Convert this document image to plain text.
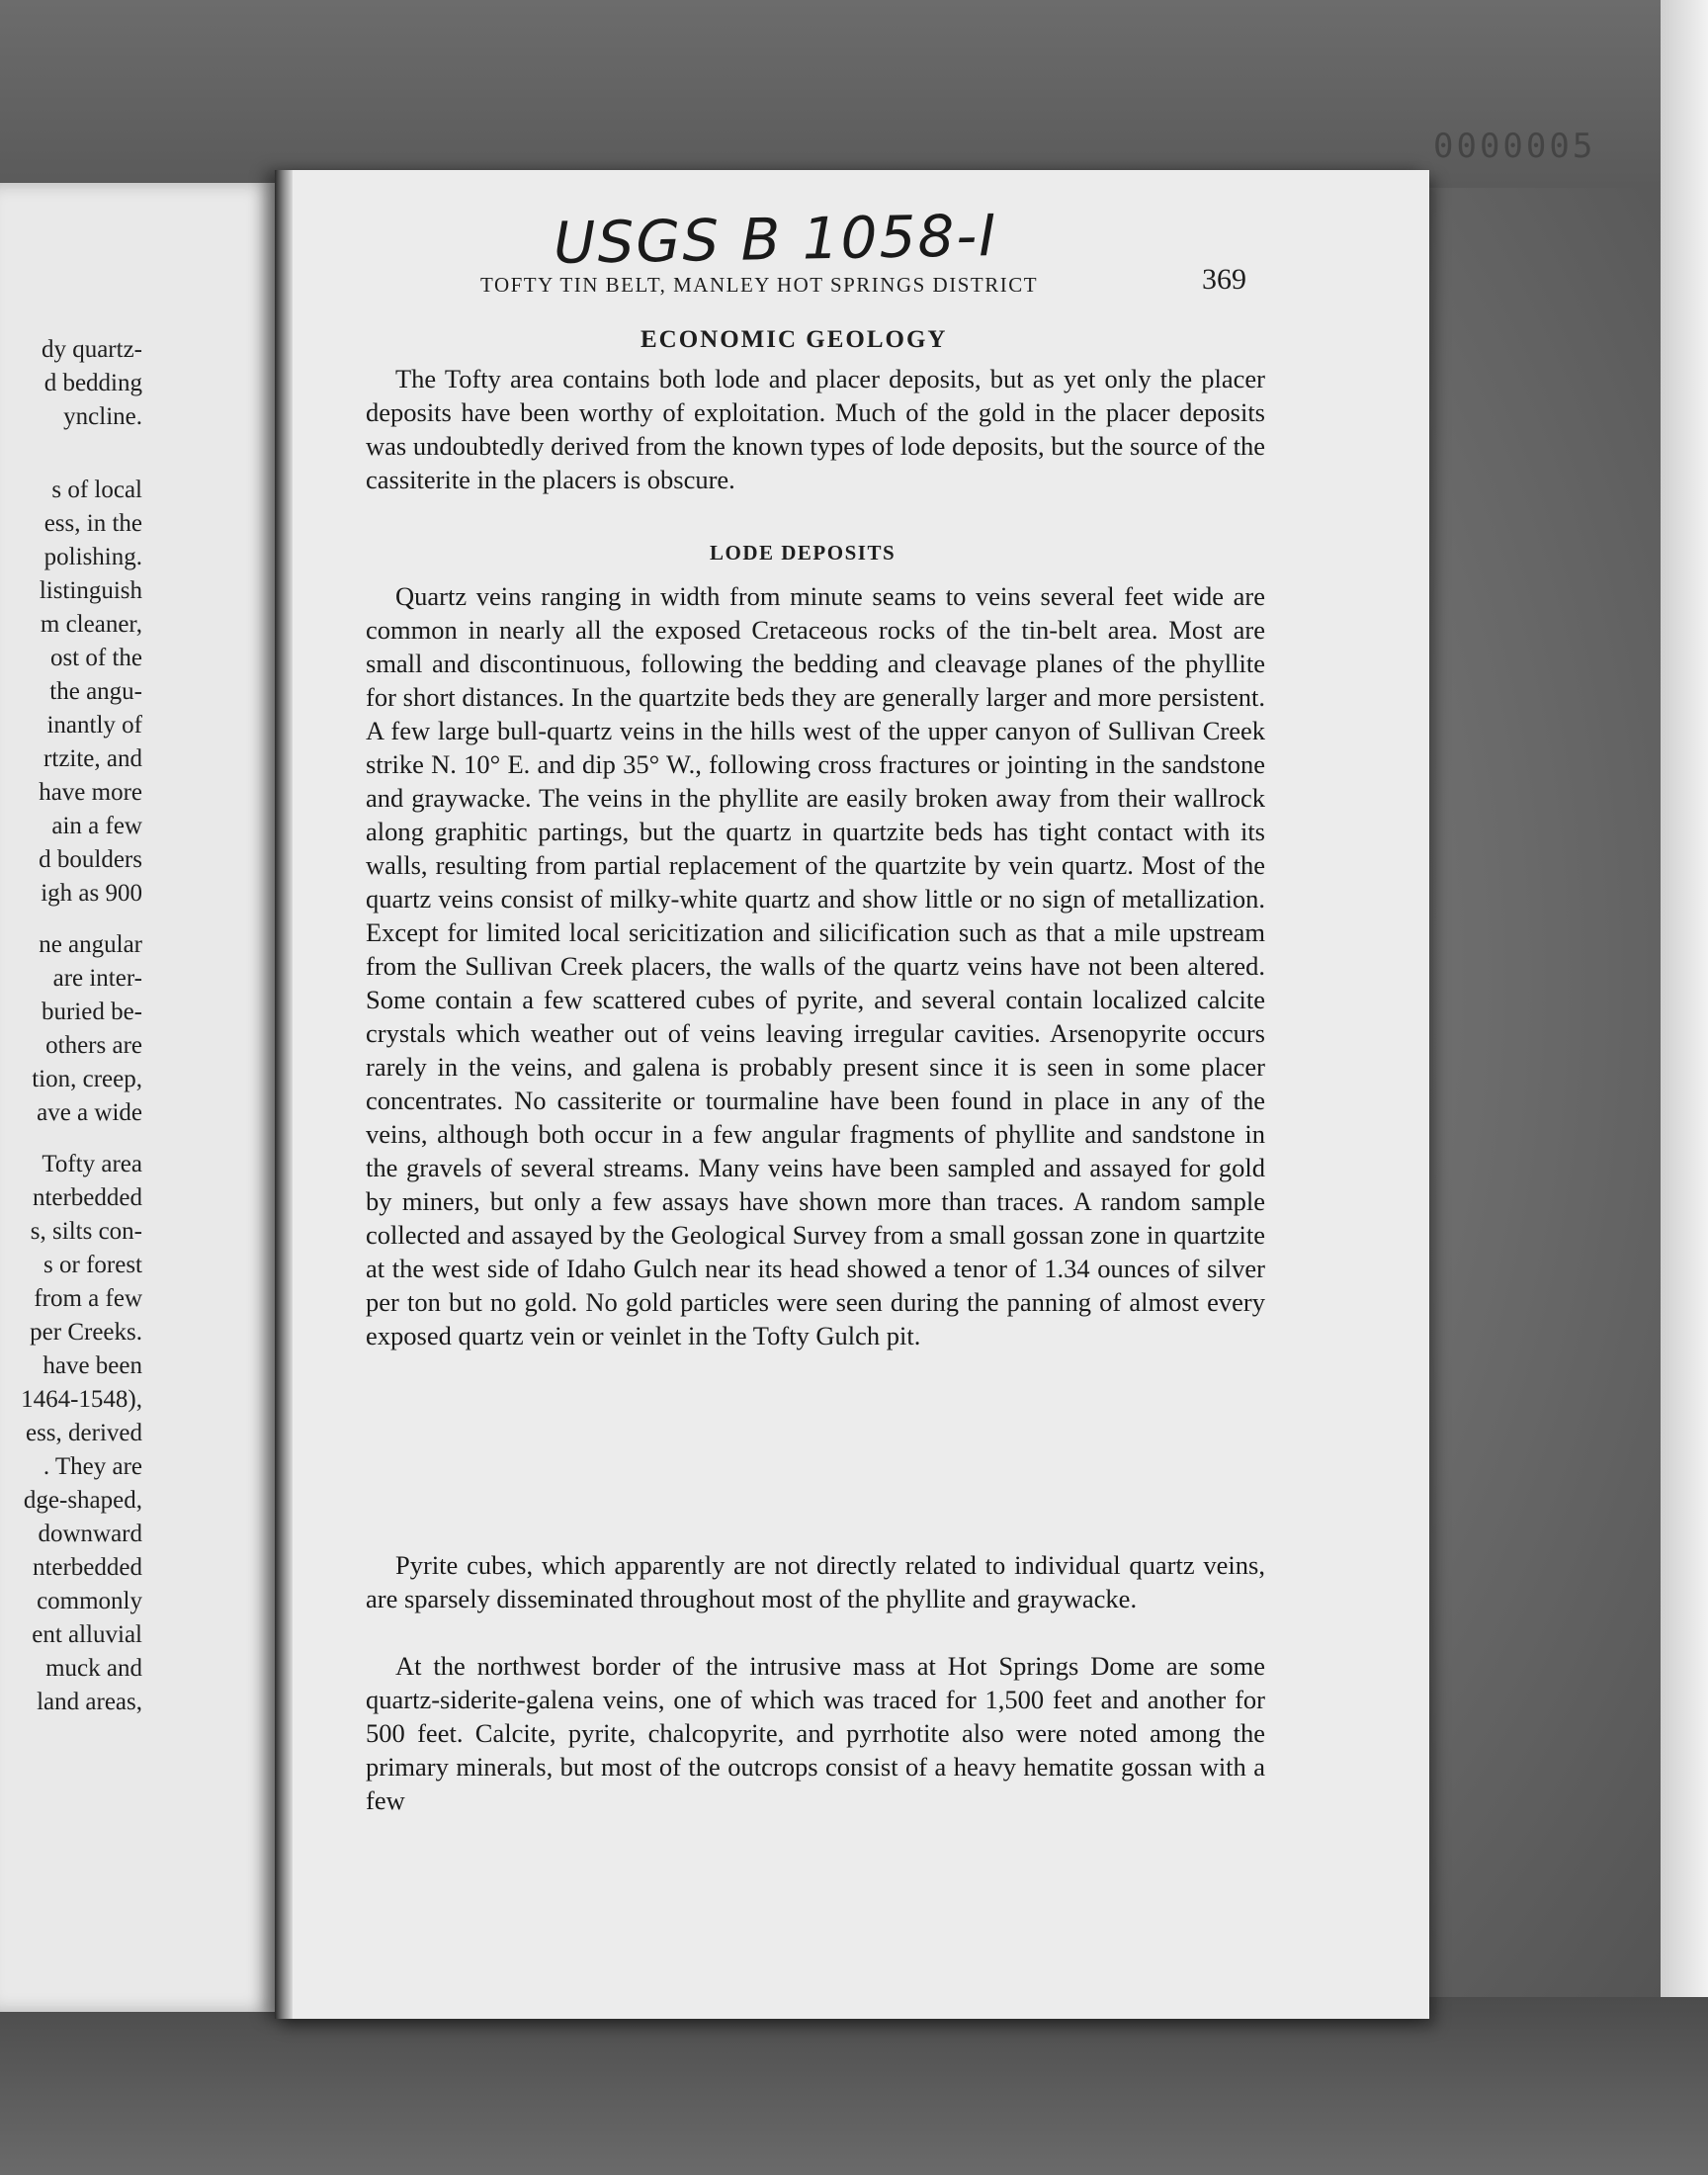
0000005
dy quartz-
d bedding
yncline.
s of local
ess, in the
polishing.
listinguish
m cleaner,
ost of the
the angu-
inantly of
rtzite, and
have more
ain a few
d boulders
igh as 900
ne angular
are inter-
buried be-
others are
tion, creep,
ave a wide
Tofty area
nterbedded
s, silts con-
s or forest
from a few
per Creeks.
have been
1464-1548),
ess, derived
. They are
dge-shaped,
downward
nterbedded
commonly
ent alluvial
muck and
land areas,
USGS B 1058-I
TOFTY TIN BELT, MANLEY HOT SPRINGS DISTRICT	369
ECONOMIC GEOLOGY

The Tofty area contains both lode and placer deposits, but as yet only the placer deposits have been worthy of exploitation. Much of the gold in the placer deposits was undoubtedly derived from the known types of lode deposits, but the source of the cassiterite in the placers is obscure.

LODE DEPOSITS

Quartz veins ranging in width from minute seams to veins several feet wide are common in nearly all the exposed Cretaceous rocks of the tin-belt area. Most are small and discontinuous, following the bedding and cleavage planes of the phyllite for short distances. In the quartzite beds they are generally larger and more persistent. A few large bull-quartz veins in the hills west of the upper canyon of Sullivan Creek strike N. 10° E. and dip 35° W., following cross fractures or jointing in the sandstone and graywacke. The veins in the phyllite are easily broken away from their wallrock along graphitic partings, but the quartz in quartzite beds has tight contact with its walls, resulting from partial replacement of the quartzite by vein quartz. Most of the quartz veins consist of milky-white quartz and show little or no sign of metallization. Except for limited local sericitization and silicification such as that a mile upstream from the Sullivan Creek placers, the walls of the quartz veins have not been altered. Some contain a few scattered cubes of pyrite, and several contain localized calcite crystals which weather out of veins leaving irregular cavities. Arsenopyrite occurs rarely in the veins, and galena is probably present since it is seen in some placer concentrates. No cassiterite or tourmaline have been found in place in any of the veins, although both occur in a few angular fragments of phyllite and sandstone in the gravels of several streams. Many veins have been sampled and assayed for gold by miners, but only a few assays have shown more than traces. A random sample collected and assayed by the Geological Survey from a small gossan zone in quartzite at the west side of Idaho Gulch near its head showed a tenor of 1.34 ounces of silver per ton but no gold. No gold particles were seen during the panning of almost every exposed quartz vein or veinlet in the Tofty Gulch pit.

Pyrite cubes, which apparently are not directly related to individual quartz veins, are sparsely disseminated throughout most of the phyllite and graywacke.

At the northwest border of the intrusive mass at Hot Springs Dome are some quartz-siderite-galena veins, one of which was traced for 1,500 feet and another for 500 feet. Calcite, pyrite, chalcopyrite, and pyrrhotite also were noted among the primary minerals, but most of the outcrops consist of a heavy hematite gossan with a few
